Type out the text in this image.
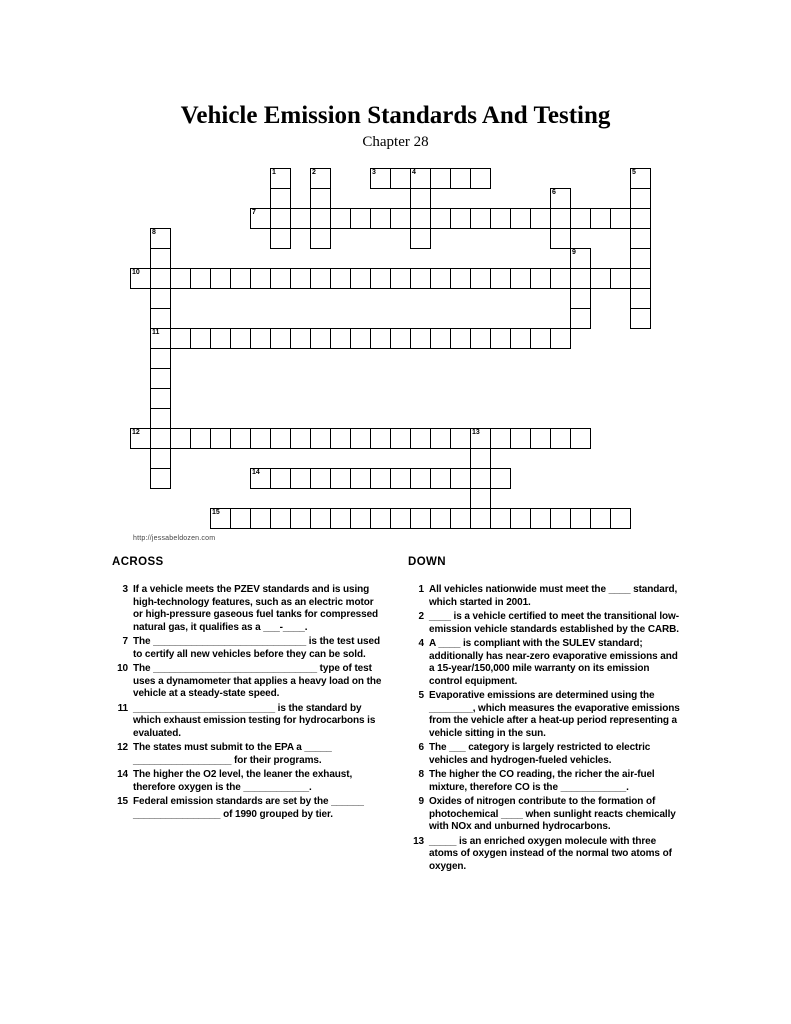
Vehicle Emission Standards And Testing
Chapter 28
3	4
7
10
11
12	13
14
15
1	2	5
6
8
9
http://jessabeldozen.com
ACROSS
3 If a vehicle meets the PZEV standards and is using high-technology features, such as an electric motor or high-pressure gaseous fuel tanks for compressed natural gas, it qualifies as a ___-____.
7 The ____________________________ is the test used to certify all new vehicles before they can be sold.
10 The ______________________________ type of test uses a dynamometer that applies a heavy load on the vehicle at a steady-state speed.
11 __________________________ is the standard by which exhaust emission testing for hydrocarbons is evaluated.
12 The states must submit to the EPA a _____ __________________ for their programs.
14 The higher the O2 level, the leaner the exhaust, therefore oxygen is the ____________.
15 Federal emission standards are set by the ______ ________________ of 1990 grouped by tier.
DOWN
1 All vehicles nationwide must meet the ____ standard, which started in 2001.
2 ____ is a vehicle certified to meet the transitional low-emission vehicle standards established by the CARB.
4 A ____ is compliant with the SULEV standard; additionally has near-zero evaporative emissions and a 15-year/150,000 mile warranty on its emission control equipment.
5 Evaporative emissions are determined using the ________, which measures the evaporative emissions from the vehicle after a heat-up period representing a vehicle sitting in the sun.
6 The ___ category is largely restricted to electric vehicles and hydrogen-fueled vehicles.
8 The higher the CO reading, the richer the air-fuel mixture, therefore CO is the ____________.
9 Oxides of nitrogen contribute to the formation of photochemical ____ when sunlight reacts chemically with NOx and unburned hydrocarbons.
13 _____ is an enriched oxygen molecule with three atoms of oxygen instead of the normal two atoms of oxygen.
